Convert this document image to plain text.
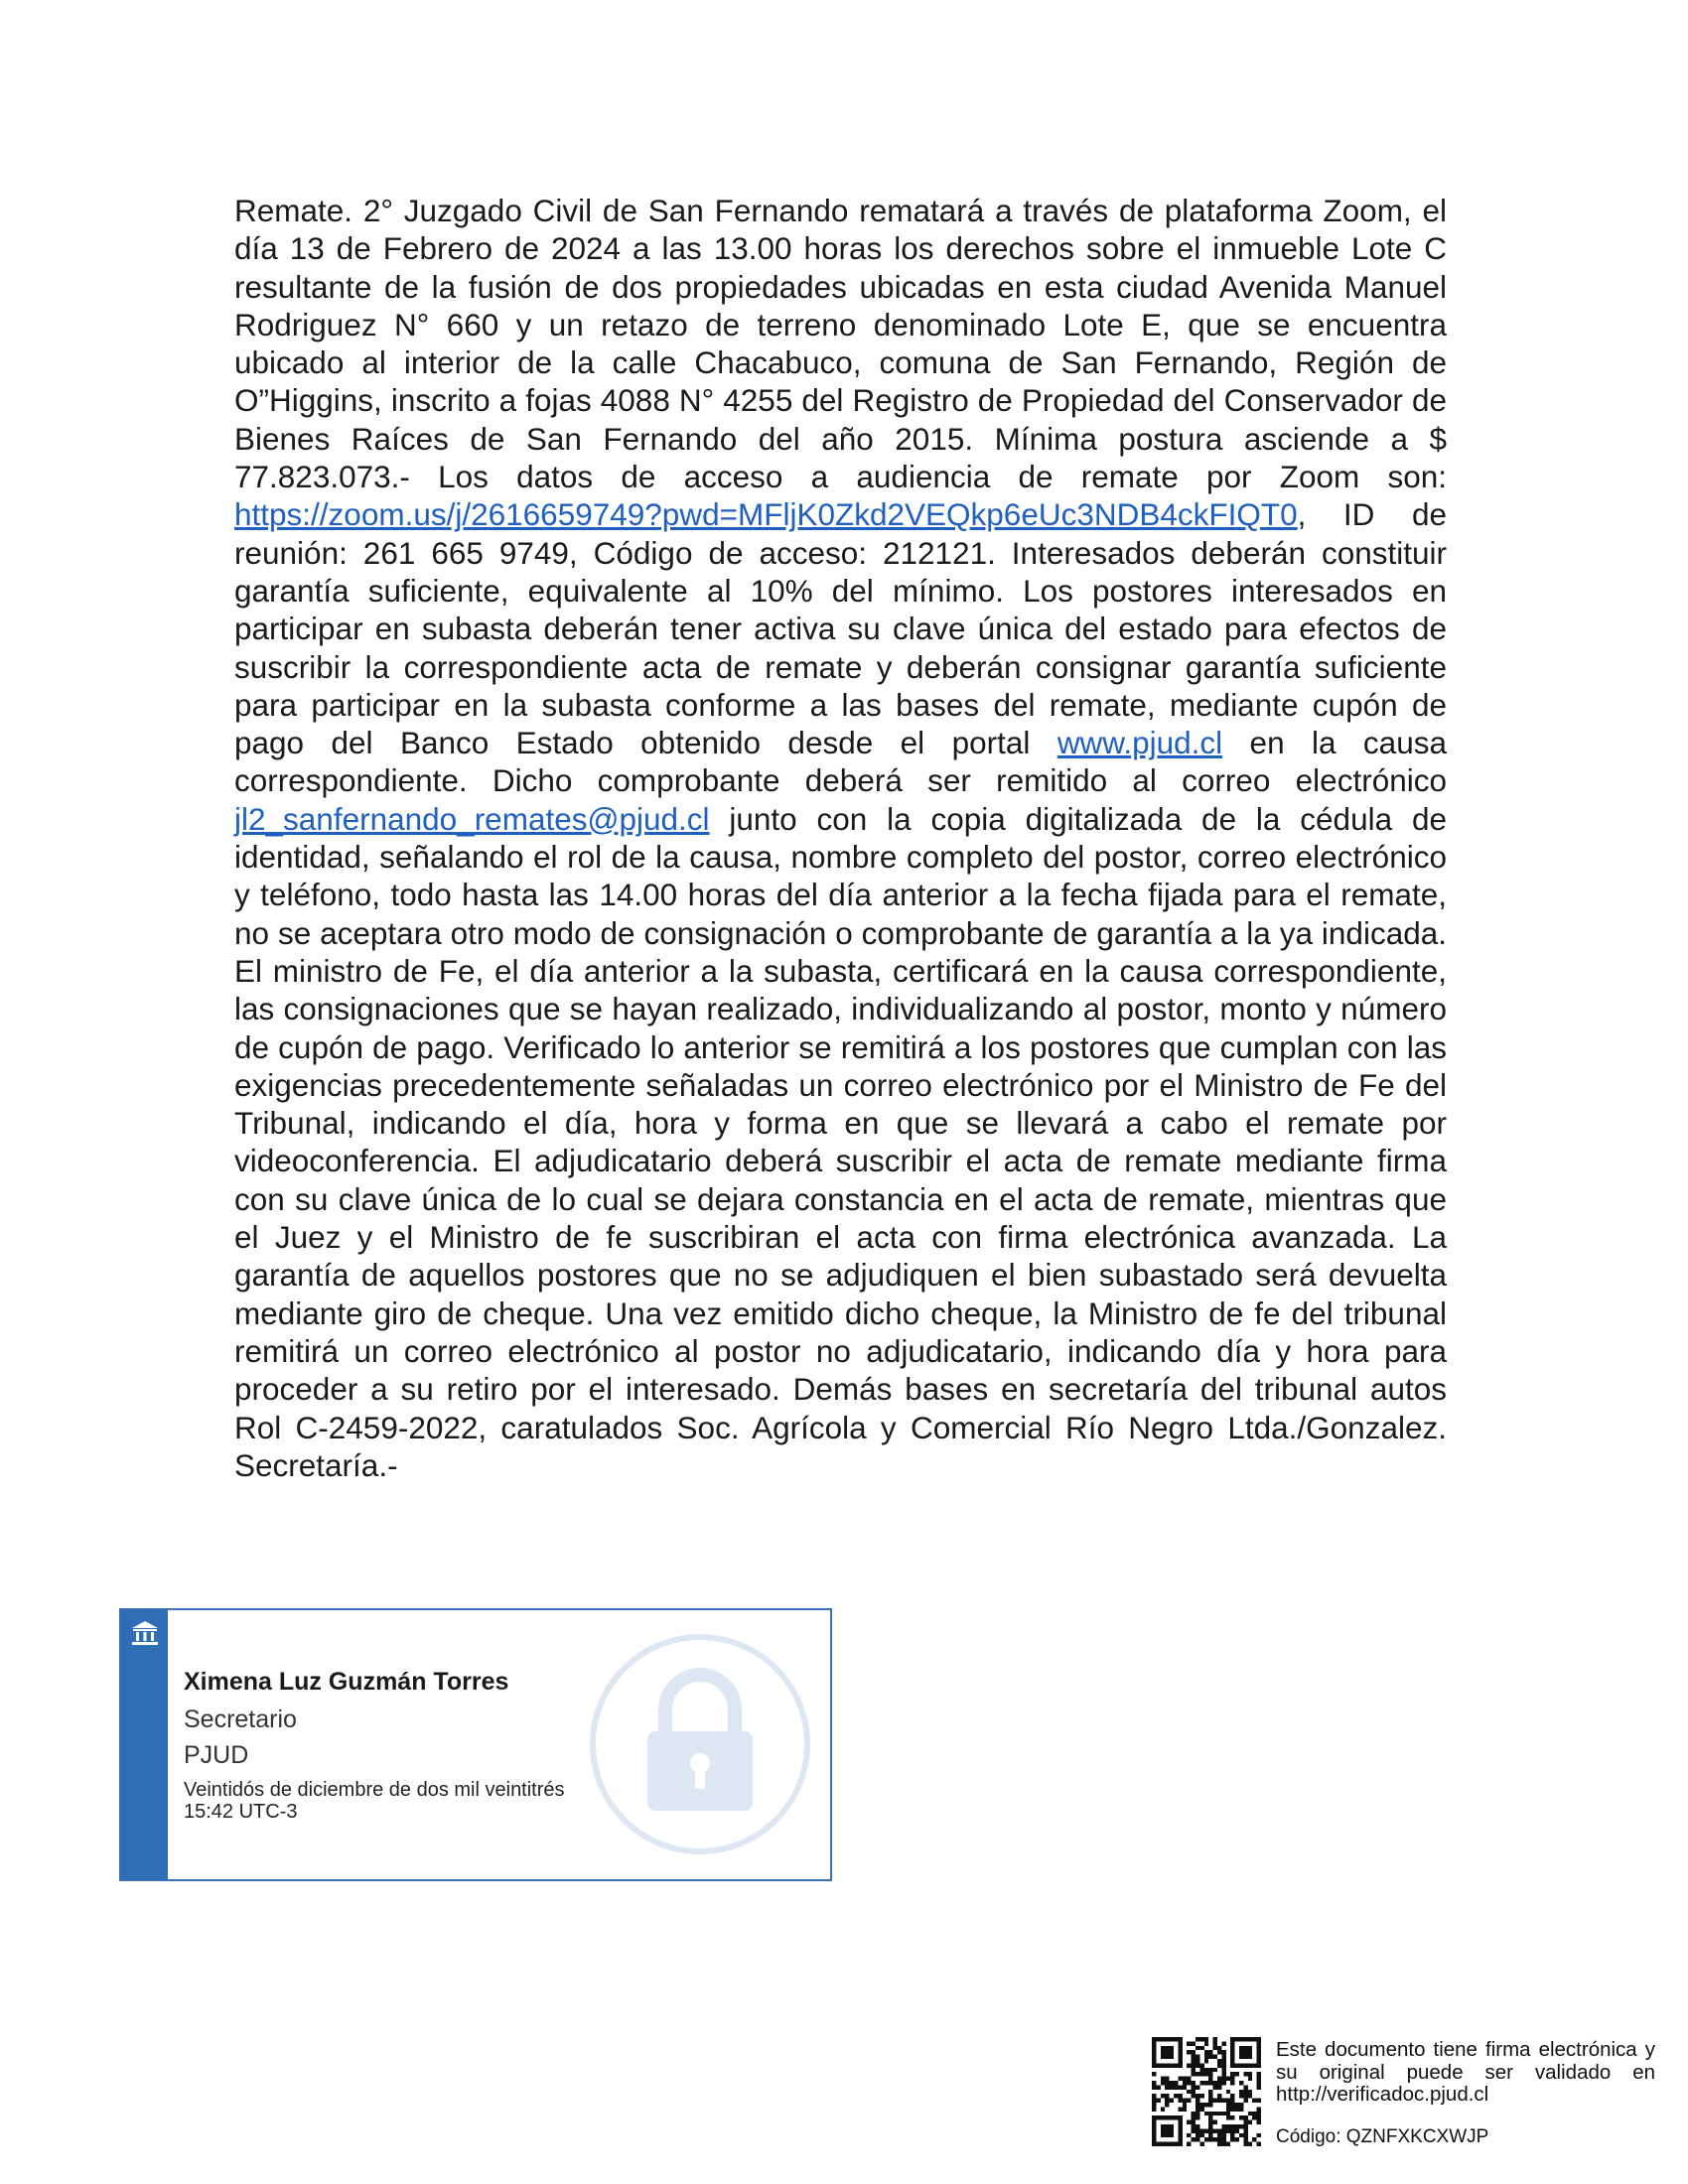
Remate. 2° Juzgado Civil de San Fernando rematará a través de plataforma Zoom, el día 13 de Febrero de 2024 a las 13.00 horas los derechos sobre el inmueble Lote C resultante de la fusión de dos propiedades ubicadas en esta ciudad Avenida Manuel Rodriguez N° 660 y un retazo de terreno denominado Lote E, que se encuentra ubicado al interior de la calle Chacabuco, comuna de San Fernando, Región de O”Higgins, inscrito a fojas 4088 N° 4255 del Registro de Propiedad del Conservador de Bienes Raíces de San Fernando del año 2015. Mínima postura asciende a $ 77.823.073.- Los datos de acceso a audiencia de remate por Zoom son: https://zoom.us/j/2616659749?pwd=MFljK0Zkd2VEQkp6eUc3NDB4ckFIQT0, ID de reunión: 261 665 9749, Código de acceso: 212121. Interesados deberán constituir garantía suficiente, equivalente al 10% del mínimo. Los postores interesados en participar en subasta deberán tener activa su clave única del estado para efectos de suscribir la correspondiente acta de remate y deberán consignar garantía suficiente para participar en la subasta conforme a las bases del remate, mediante cupón de pago del Banco Estado obtenido desde el portal www.pjud.cl en la causa correspondiente. Dicho comprobante deberá ser remitido al correo electrónico jl2_sanfernando_remates@pjud.cl junto con la copia digitalizada de la cédula de identidad, señalando el rol de la causa, nombre completo del postor, correo electrónico y teléfono, todo hasta las 14.00 horas del día anterior a la fecha fijada para el remate, no se aceptara otro modo de consignación o comprobante de garantía a la ya indicada. El ministro de Fe, el día anterior a la subasta, certificará en la causa correspondiente, las consignaciones que se hayan realizado, individualizando al postor, monto y número de cupón de pago. Verificado lo anterior se remitirá a los postores que cumplan con las exigencias precedentemente señaladas un correo electrónico por el Ministro de Fe del Tribunal, indicando el día, hora y forma en que se llevará a cabo el remate por videoconferencia. El adjudicatario deberá suscribir el acta de remate mediante firma con su clave única de lo cual se dejara constancia en el acta de remate, mientras que el Juez y el Ministro de fe suscribiran el acta con firma electrónica avanzada. La garantía de aquellos postores que no se adjudiquen el bien subastado será devuelta mediante giro de cheque. Una vez emitido dicho cheque, la Ministro de fe del tribunal remitirá un correo electrónico al postor no adjudicatario, indicando día y hora para proceder a su retiro por el interesado. Demás bases en secretaría del tribunal autos Rol C-2459-2022, caratulados Soc. Agrícola y Comercial Río Negro Ltda./Gonzalez. Secretaría.-

Ximena Luz Guzmán Torres
Secretario
PJUD
Veintidós de diciembre de dos mil veintitrés
15:42 UTC-3

Este documento tiene firma electrónica y su original puede ser validado en http://verificadoc.pjud.cl

Código: QZNFXKCXWJP
